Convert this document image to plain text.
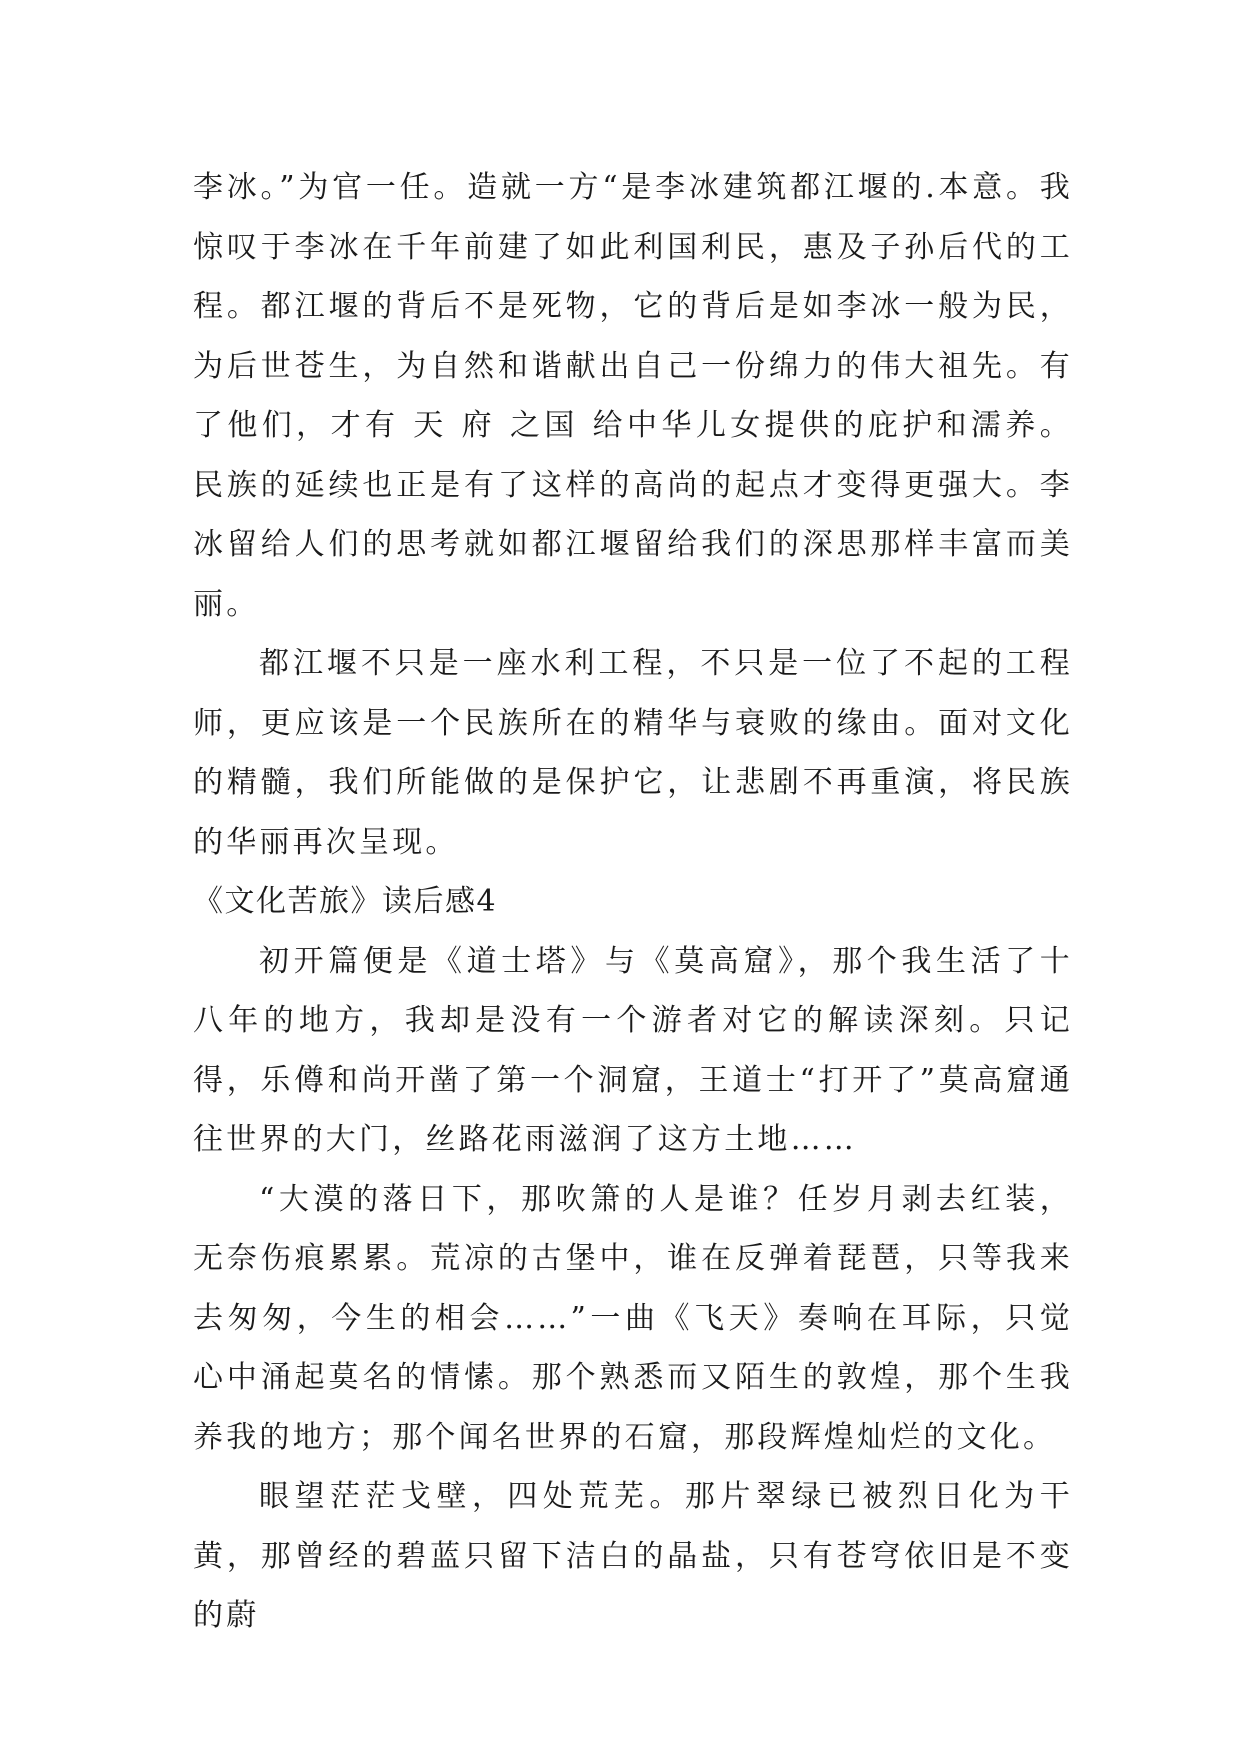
李冰。”为官一任。造就一方“是李冰建筑都江堰的.本意。我惊叹于李冰在千年前建了如此利国利民，惠及子孙后代的工程。都江堰的背后不是死物，它的背后是如李冰一般为民，为后世苍生，为自然和谐献出自己一份绵力的伟大祖先。有了他们，才有 天 府 之国 给中华儿女提供的庇护和濡养。民族的延续也正是有了这样的高尚的起点才变得更强大。李冰留给人们的思考就如都江堰留给我们的深思那样丰富而美丽。

都江堰不只是一座水利工程，不只是一位了不起的工程师，更应该是一个民族所在的精华与衰败的缘由。面对文化的精髓，我们所能做的是保护它，让悲剧不再重演，将民族的华丽再次呈现。

《文化苦旅》读后感4

初开篇便是《道士塔》与《莫高窟》，那个我生活了十八年的地方，我却是没有一个游者对它的解读深刻。只记得，乐僔和尚开凿了第一个洞窟，王道士“打开了”莫高窟通往世界的大门，丝路花雨滋润了这方土地……

“大漠的落日下，那吹箫的人是谁？任岁月剥去红装，无奈伤痕累累。荒凉的古堡中，谁在反弹着琵琶，只等我来去匆匆，今生的相会……”一曲《飞天》奏响在耳际，只觉心中涌起莫名的情愫。那个熟悉而又陌生的敦煌，那个生我养我的地方；那个闻名世界的石窟，那段辉煌灿烂的文化。

眼望茫茫戈壁，四处荒芜。那片翠绿已被烈日化为干黄，那曾经的碧蓝只留下洁白的晶盐，只有苍穹依旧是不变的蔚
